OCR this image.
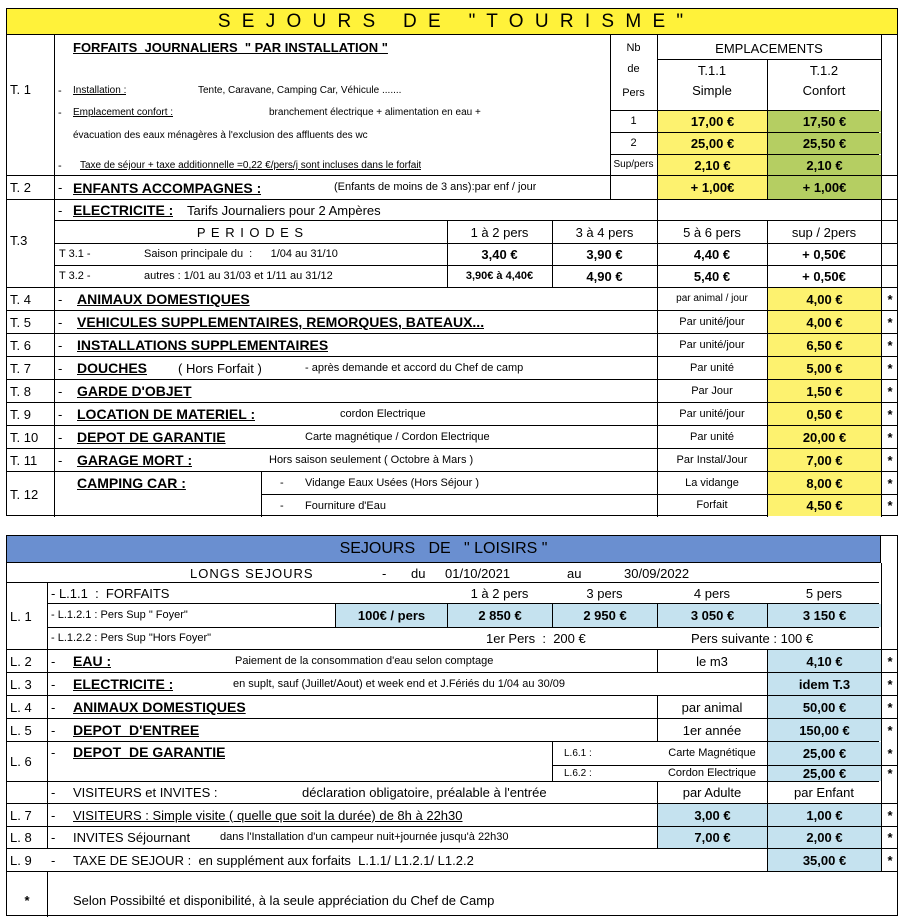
S E J O U R S   D E   " T O U R I S M E "
FORFAITS  JOURNALIERS  " PAR INSTALLATION "	Nb
de
Pers
EMPLACEMENTS
T.1.1
Simple
T.1.2
Confort
T. 1	- Installation :	Tente, Caravane, Camping Car, Véhicule .......
- Emplacement confort :	branchement électrique + alimentation en eau +
évacuation des eaux ménagères à l'exclusion des affluents des wc
- Taxe de séjour + taxe additionnelle =0,22 €/pers/j sont incluses dans le forfait
1	17,00 €	17,50 €
2	25,00 €	25,50 €
Sup/pers	2,10 €	2,10 €
T. 2	- ENFANTS ACCOMPAGNES :	(Enfants de moins de 3 ans):par enf / jour	+ 1,00€	+ 1,00€
T.3
- ELECTRICITE : Tarifs Journaliers pour 2 Ampères
P E R I O D E S	1 à 2 pers	3 à 4 pers	5 à 6 pers	sup / 2pers
T 3.1 -	Saison principale du  :      1/04 au 31/10	3,40 €	3,90 €	4,40 €	+ 0,50€
T 3.2 -	autres : 1/01 au 31/03 et 1/11 au 31/12	3,90€ à 4,40€	4,90 €	5,40 €	+ 0,50€
T. 4	- ANIMAUX DOMESTIQUES	par animal / jour	4,00 €	*
T. 5	- VEHICULES SUPPLEMENTAIRES, REMORQUES, BATEAUX...	Par unité/jour	4,00 €	*
T. 6	- INSTALLATIONS SUPPLEMENTAIRES	Par unité/jour	6,50 €	*
T. 7	- DOUCHES ( Hors Forfait )	- après demande et accord du Chef de camp	Par unité	5,00 €	*
T. 8	- GARDE D'OBJET	Par Jour	1,50 €	*
T. 9	- LOCATION DE MATERIEL :	cordon Electrique	Par unité/jour	0,50 €	*
T. 10	- DEPOT DE GARANTIE	Carte magnétique / Cordon Electrique	Par unité	20,00 €	*
T. 11	- GARAGE MORT :	Hors saison seulement ( Octobre à Mars )	Par Instal/Jour	7,00 €	*
T. 12
CAMPING CAR :	- Vidange Eaux Usées (Hors Séjour )	La vidange	8,00 €	*
- Fourniture d'Eau	Forfait	4,50 €	*
SEJOURS   DE   " LOISIRS "
LONGS SEJOURS	- du 01/10/2021	au	30/09/2022
L. 1
- L.1.1  :  FORFAITS	1 à 2 pers	3 pers	4 pers	5 pers
- L.1.2.1 : Pers Sup " Foyer"	100€ / pers	2 850 €	2 950 €	3 050 €	3 150 €
- L.1.2.2 : Pers Sup "Hors Foyer"	1er Pers  :  200 €	Pers suivante : 100 €
L. 2	- EAU :	Paiement de la consommation d'eau selon comptage	le m3	4,10 €	*
L. 3	- ELECTRICITE :	en suplt, sauf (Juillet/Aout) et week end et J.Fériés du 1/04 au 30/09	idem T.3	*
L. 4	- ANIMAUX DOMESTIQUES	par animal	50,00 €	*
L. 5	- DEPOT  D'ENTREE	1er année	150,00 €	*
L. 6
- DEPOT  DE GARANTIE	L.6.1 :	Carte Magnétique	25,00 €	*
L.6.2 :	Cordon Electrique	25,00 €	*
- VISITEURS et INVITES :	déclaration obligatoire, préalable à l'entrée	par Adulte	par Enfant
L. 7	- VISITEURS : Simple visite ( quelle que soit la durée) de 8h à 22h30	3,00 €	1,00 €	*
L. 8	- INVITES Séjournant	dans l'Installation d'un campeur nuit+journée jusqu'à 22h30	7,00 €	2,00 €	*
L. 9	- TAXE DE SEJOUR :  en supplément aux forfaits  L.1.1/ L1.2.1/ L1.2.2	35,00 €	*
*	Selon Possibilté et disponibilité, à la seule appréciation du Chef de Camp
